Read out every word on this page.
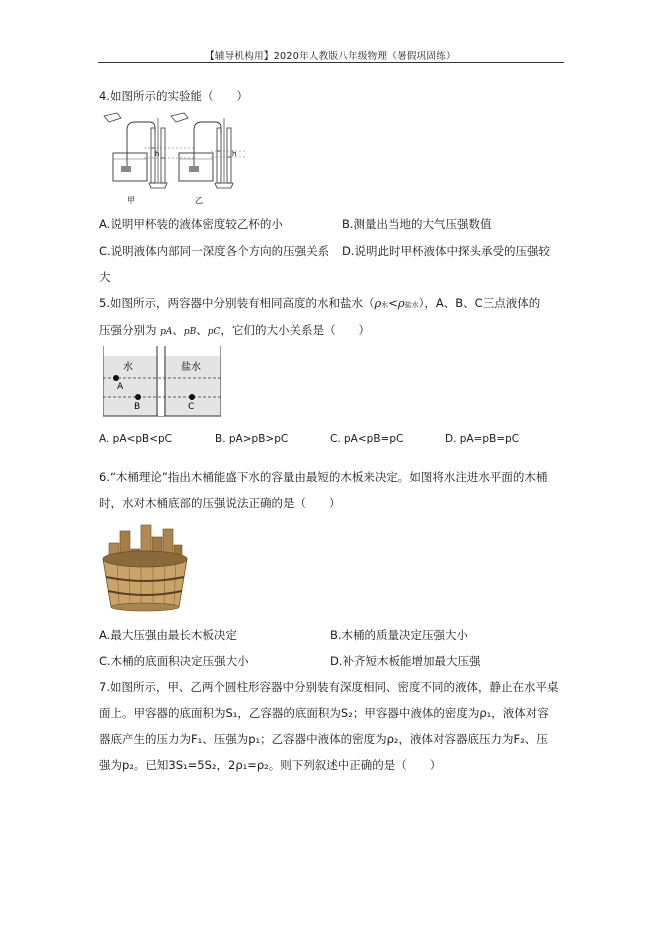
【辅导机构用】2020年人教版八年级物理（暑假巩固练）
4.如图所示的实验能（　　）
h	h
甲	乙
A.说明甲杯装的液体密度较乙杯的小	B.测量出当地的大气压强数值
C.说明液体内部同一深度各个方向的压强关系 D.说明此时甲杯液体中探头承受的压强较
大
5.如图所示，两容器中分别装有相同高度的水和盐水（ρ水<ρ盐水），A、B、C三点液体的
压强分别为 pA、pB、pC，它们的大小关系是（　　）
水	盐水
A
B	C
A. pA<pB<pC	B. pA>pB>pC	C. pA<pB=pC	D. pA=pB=pC
6.“木桶理论”指出木桶能盛下水的容量由最短的木板来决定。如图将水注进水平面的木桶
时，水对木桶底部的压强说法正确的是（　　）
A.最大压强由最长木板决定	B.木桶的质量决定压强大小
C.木桶的底面积决定压强大小	D.补齐短木板能增加最大压强
7.如图所示，甲、乙两个圆柱形容器中分别装有深度相同、密度不同的液体，静止在水平桌
面上。甲容器的底面积为S₁，乙容器的底面积为S₂；甲容器中液体的密度为ρ₁，液体对容
器底产生的压力为F₁、压强为p₁；乙容器中液体的密度为ρ₂，液体对容器底压力为F₂、压
强为p₂。已知3S₁=5S₂，2ρ₁=ρ₂。则下列叙述中正确的是（　　）
